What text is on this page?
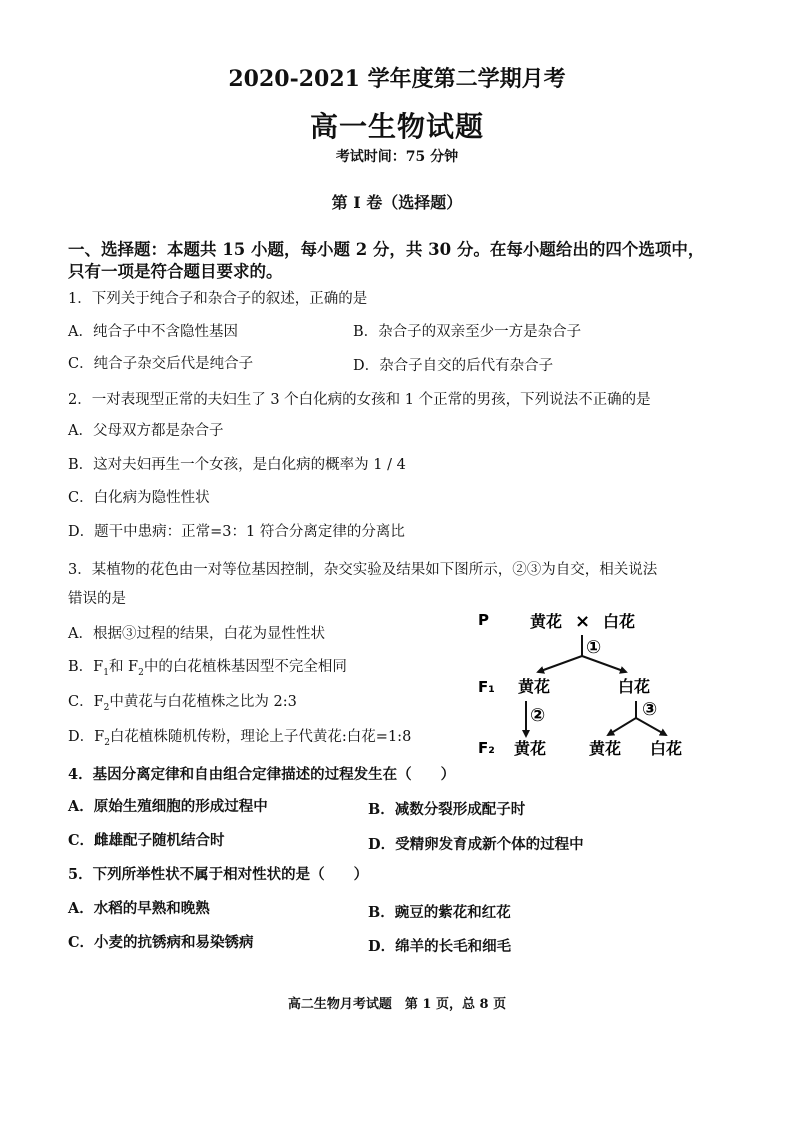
2020-2021 学年度第二学期月考
高一生物试题
考试时间：75 分钟
第 I 卷（选择题）
一、选择题：本题共 15 小题，每小题 2 分，共 30 分。在每小题给出的四个选项中，
只有一项是符合题目要求的。
1．下列关于纯合子和杂合子的叙述，正确的是
A．纯合子中不含隐性基因	B．杂合子的双亲至少一方是杂合子
C．纯合子杂交后代是纯合子	D．杂合子自交的后代有杂合子
2．一对表现型正常的夫妇生了 3 个白化病的女孩和 1 个正常的男孩，下列说法不正确的是
A．父母双方都是杂合子
B．这对夫妇再生一个女孩，是白化病的概率为 1 / 4
C．白化病为隐性性状
D．题干中患病：正常=3：1 符合分离定律的分离比
3．某植物的花色由一对等位基因控制，杂交实验及结果如下图所示，②③为自交，相关说法
错误的是
A．根据③过程的结果，白花为显性性状
B．$F_1$和 $F_2$中的白花植株基因型不完全相同
C．$F_2$中黄花与白花植株之比为 2:3
D．$F_2$白花植株随机传粉，理论上子代黄花:白花=1:8
P	黄花 × 白花
①
F₁ 黄花	白花
②	③
F₂ 黄花	黄花 白花
4．基因分离定律和自由组合定律描述的过程发生在（　　）
A．原始生殖细胞的形成过程中	B．减数分裂形成配子时
C．雌雄配子随机结合时	D．受精卵发育成新个体的过程中
5．下列所举性状不属于相对性状的是（　　）
A．水稻的早熟和晚熟	B．豌豆的紫花和红花
C．小麦的抗锈病和易染锈病	D．绵羊的长毛和细毛
高二生物月考试题　第 1 页，总 8 页
